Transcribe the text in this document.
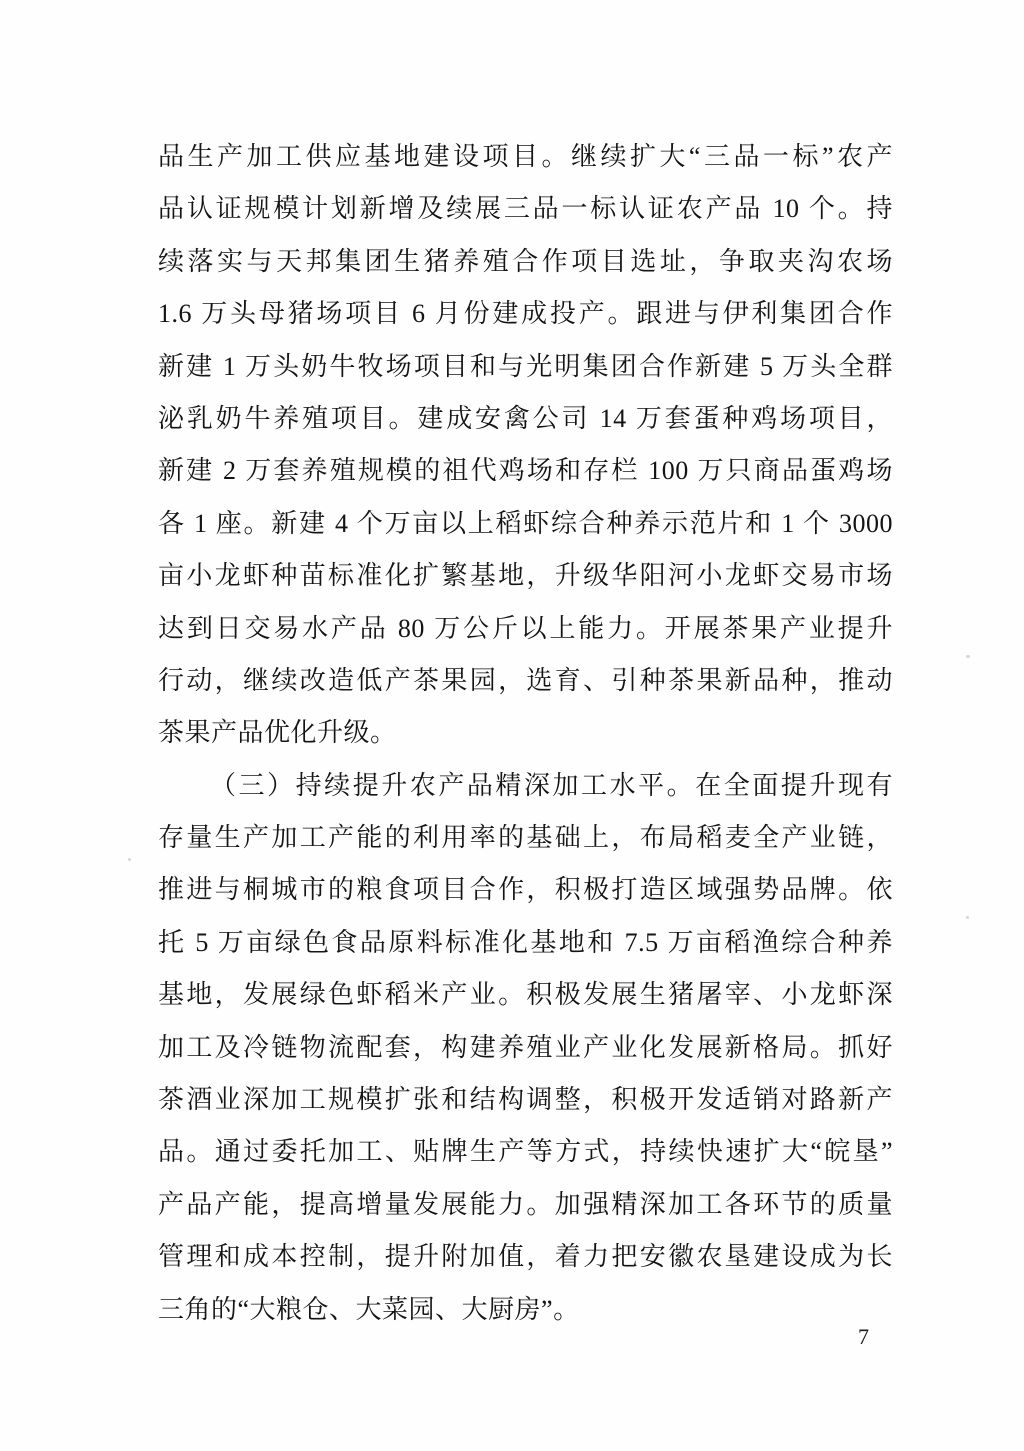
品生产加工供应基地建设项目。继续扩大“三品一标”农产
品认证规模计划新增及续展三品一标认证农产品 10 个。持
续落实与天邦集团生猪养殖合作项目选址，争取夹沟农场
1.6 万头母猪场项目 6 月份建成投产。跟进与伊利集团合作
新建 1 万头奶牛牧场项目和与光明集团合作新建 5 万头全群
泌乳奶牛养殖项目。建成安禽公司 14 万套蛋种鸡场项目，
新建 2 万套养殖规模的祖代鸡场和存栏 100 万只商品蛋鸡场
各 1 座。新建 4 个万亩以上稻虾综合种养示范片和 1 个 3000
亩小龙虾种苗标准化扩繁基地，升级华阳河小龙虾交易市场
达到日交易水产品 80 万公斤以上能力。开展茶果产业提升
行动，继续改造低产茶果园，选育、引种茶果新品种，推动
茶果产品优化升级。
（三）持续提升农产品精深加工水平。在全面提升现有
存量生产加工产能的利用率的基础上，布局稻麦全产业链，
推进与桐城市的粮食项目合作，积极打造区域强势品牌。依
托 5 万亩绿色食品原料标准化基地和 7.5 万亩稻渔综合种养
基地，发展绿色虾稻米产业。积极发展生猪屠宰、小龙虾深
加工及冷链物流配套，构建养殖业产业化发展新格局。抓好
茶酒业深加工规模扩张和结构调整，积极开发适销对路新产
品。通过委托加工、贴牌生产等方式，持续快速扩大“皖垦”
产品产能，提高增量发展能力。加强精深加工各环节的质量
管理和成本控制，提升附加值，着力把安徽农垦建设成为长
三角的“大粮仓、大菜园、大厨房”。
7
